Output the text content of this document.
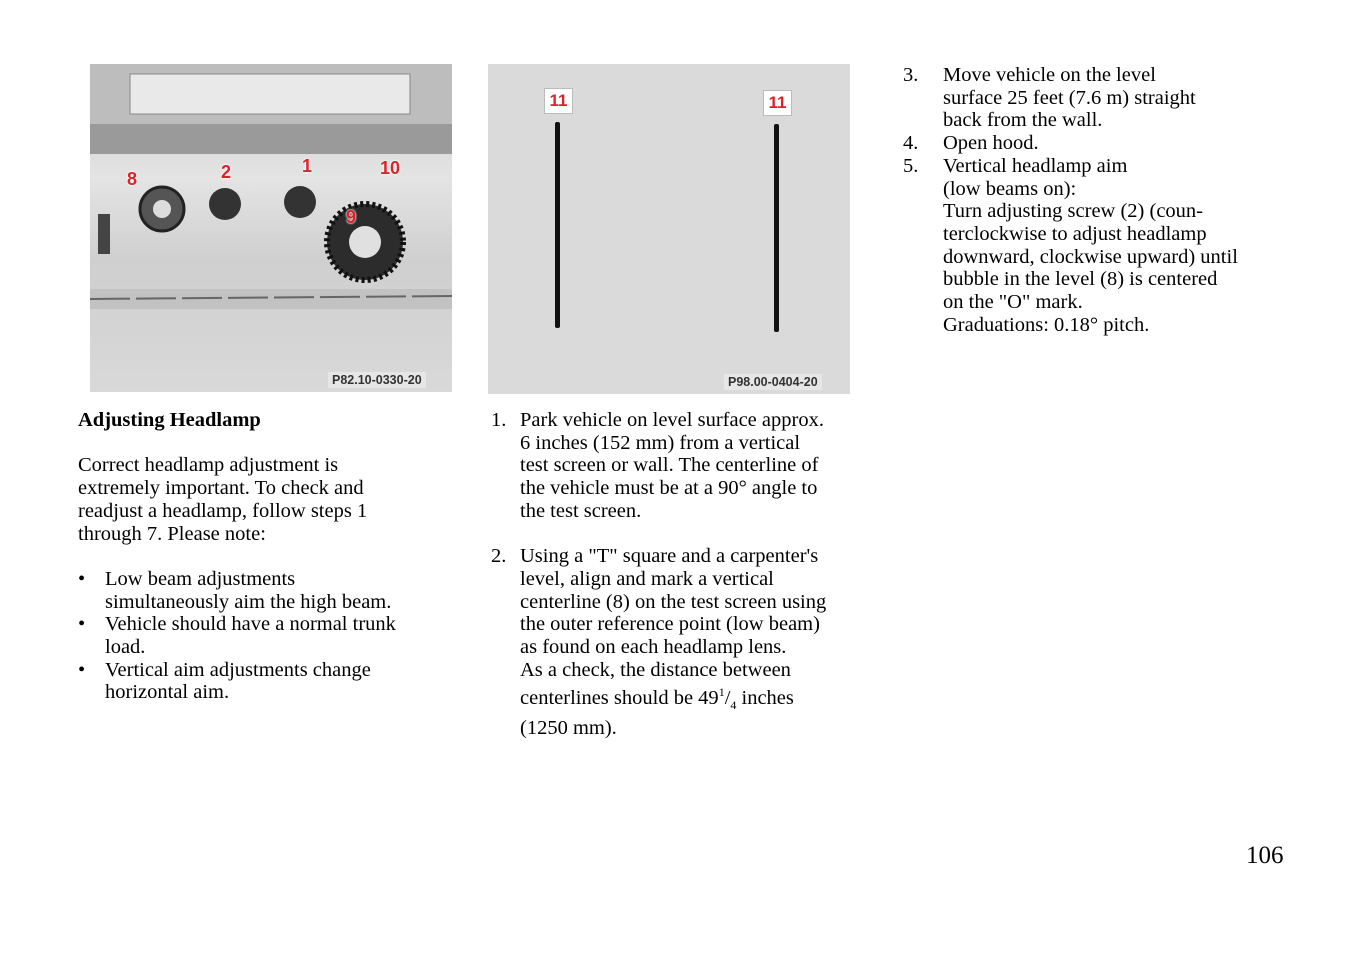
8	2	1	10
9
P82.10-0330-20
11	11
P98.00-0404-20
Adjusting Headlamp
Correct headlamp adjustment is
extremely important. To check and
readjust a headlamp, follow steps 1
through 7. Please note:
• Low beam adjustments
simultaneously aim the high beam.
• Vehicle should have a normal trunk
load.
• Vertical aim adjustments change
horizontal aim.
1. Park vehicle on level surface approx.
6 inches (152 mm) from a vertical
test screen or wall. The centerline of
the vehicle must be at a 90° angle to
the test screen.
2. Using a "T" square and a carpenter's
level, align and mark a vertical
centerline (8) on the test screen using
the outer reference point (low beam)
as found on each headlamp lens.
As a check, the distance between
centerlines should be $49^1/_4$ inches
(1250 mm).
3. Move vehicle on the level
surface 25 feet (7.6 m) straight
back from the wall.
4. Open hood.
5. Vertical headlamp aim
(low beams on):
Turn adjusting screw (2) (coun-
terclockwise to adjust headlamp
downward, clockwise upward) until
bubble in the level (8) is centered
on the "O" mark.
Graduations: 0.18° pitch.
106
